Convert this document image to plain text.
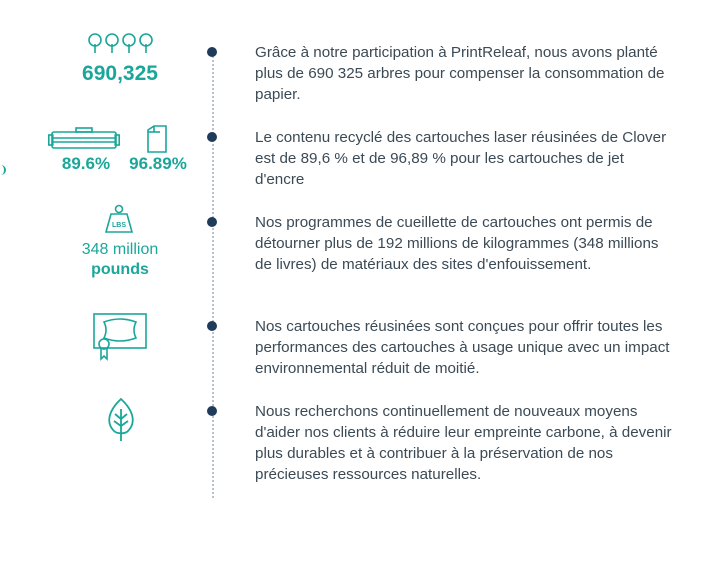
690,325

Grâce à notre participation à PrintReleaf, nous avons planté plus de 690 325 arbres pour compenser la consommation de papier.

89.6%	96.89%

Le contenu recyclé des cartouches laser réusinées de Clover est de 89,6 % et de 96,89 % pour les cartouches de jet d'encre

LBS
348 million
pounds

Nos programmes de cueillette de cartouches ont permis de détourner plus de 192 millions de kilogrammes (348 millions de livres) de matériaux des sites d'enfouissement.

Nos cartouches réusinées sont conçues pour offrir toutes les performances des cartouches à usage unique avec un impact environnemental réduit de moitié.

Nous recherchons continuellement de nouveaux moyens d'aider nos clients à réduire leur empreinte carbone, à devenir plus durables et à contribuer à la préservation de nos précieuses ressources naturelles.
